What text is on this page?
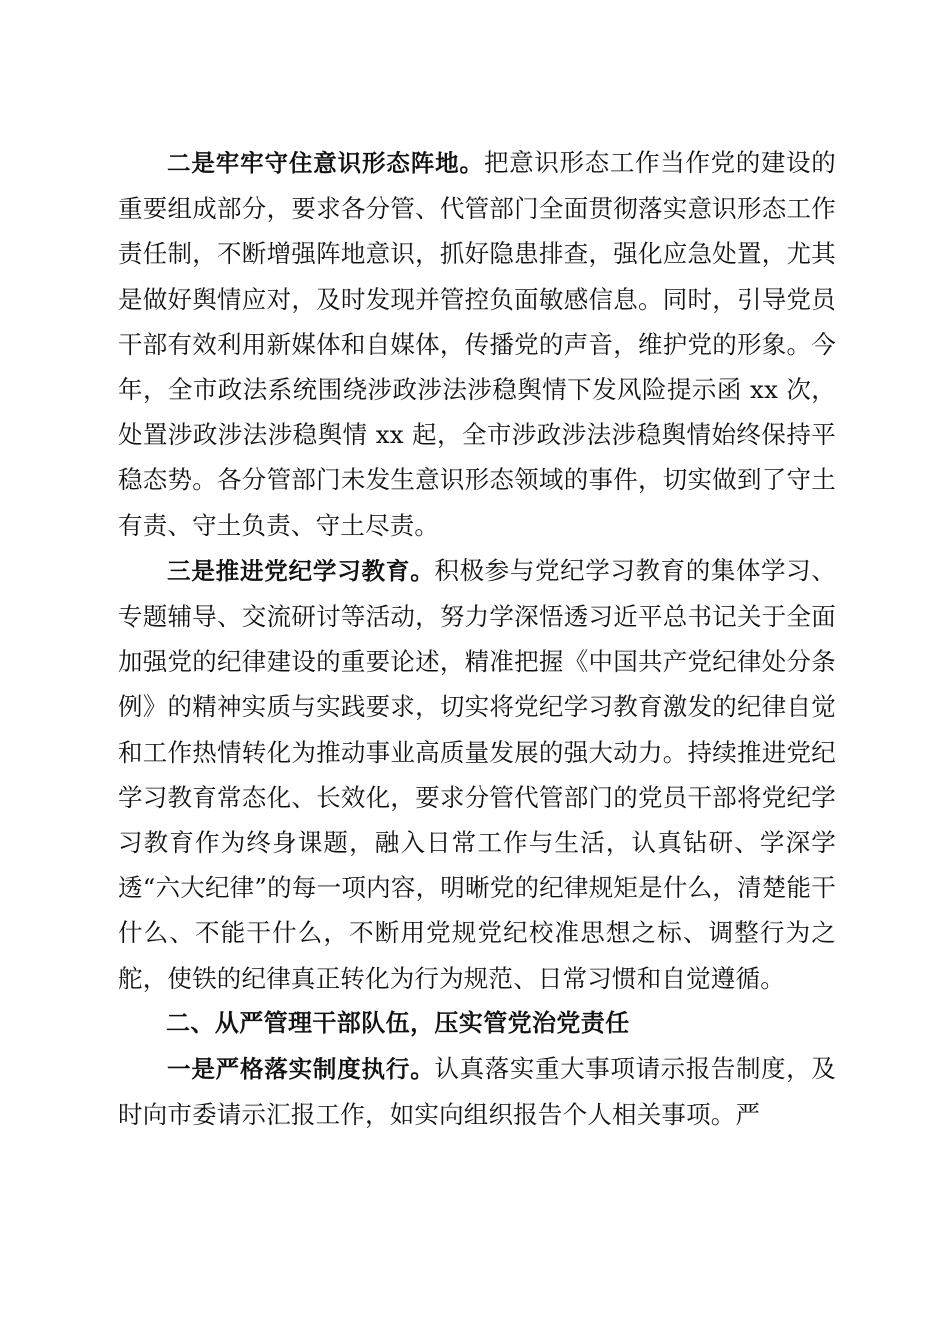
二是牢牢守住意识形态阵地。把意识形态工作当作党的建设的重要组成部分，要求各分管、代管部门全面贯彻落实意识形态工作责任制，不断增强阵地意识，抓好隐患排查，强化应急处置，尤其是做好舆情应对，及时发现并管控负面敏感信息。同时，引导党员干部有效利用新媒体和自媒体，传播党的声音，维护党的形象。今年，全市政法系统围绕涉政涉法涉稳舆情下发风险提示函 xx 次，处置涉政涉法涉稳舆情 xx 起，全市涉政涉法涉稳舆情始终保持平稳态势。各分管部门未发生意识形态领域的事件，切实做到了守土有责、守土负责、守土尽责。

三是推进党纪学习教育。积极参与党纪学习教育的集体学习、专题辅导、交流研讨等活动，努力学深悟透习近平总书记关于全面加强党的纪律建设的重要论述，精准把握《中国共产党纪律处分条例》的精神实质与实践要求，切实将党纪学习教育激发的纪律自觉和工作热情转化为推动事业高质量发展的强大动力。持续推进党纪学习教育常态化、长效化，要求分管代管部门的党员干部将党纪学习教育作为终身课题，融入日常工作与生活，认真钻研、学深学透“六大纪律”的每一项内容，明晰党的纪律规矩是什么，清楚能干什么、不能干什么，不断用党规党纪校准思想之标、调整行为之舵，使铁的纪律真正转化为行为规范、日常习惯和自觉遵循。

二、从严管理干部队伍，压实管党治党责任

一是严格落实制度执行。认真落实重大事项请示报告制度，及时向市委请示汇报工作，如实向组织报告个人相关事项。严
